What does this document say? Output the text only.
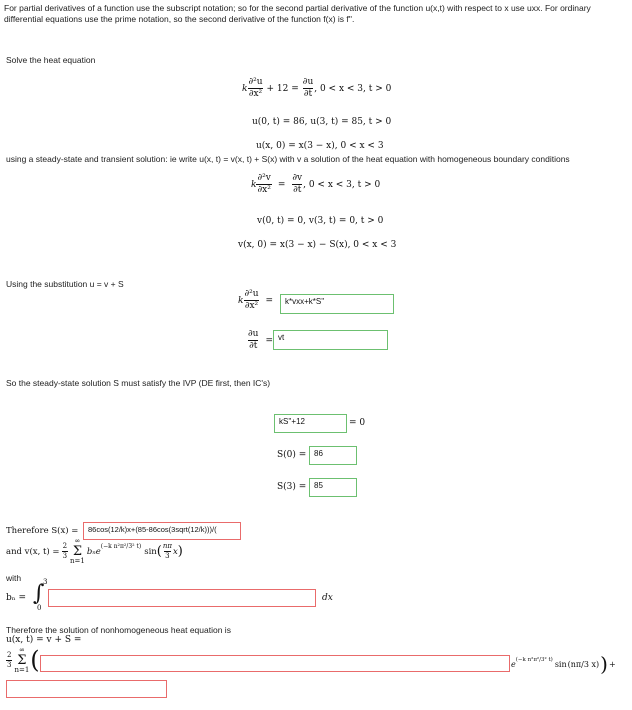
For partial derivatives of a function use the subscript notation; so for the second partial derivative of the function u(x,t) with respect to x use uxx. For ordinary
differential equations use the prime notation, so the second derivative of the function f(x) is f''.
Solve the heat equation
k $\frac{\text{∂²u}}{\text{∂x²}} + 12 = \frac{\partial u}{\partial t}$ , 0 < x < 3, t > 0
u(0, t) = 86, u(3, t) = 85, t > 0
u(x, 0) = x(3 − x), 0 < x < 3
using a steady-state and transient solution: ie write u(x, t) = v(x, t) + S(x) with v a solution of the heat equation with homogeneous boundary conditions
k $\frac{\text{∂²v}}{\text{∂x²}} = \frac{\partial v}{\partial t}$ , 0 < x < 3, t > 0
v(0, t) = 0, v(3, t) = 0, t > 0
v(x, 0) = x(3 − x) − S(x), 0 < x < 3
Using the substitution u = v + S
k $\frac{\text{∂²u}}{\text{∂x²}}$ =	k*vxx+k*S''
$\frac{\partial u}{\partial t}$ = vt
So the steady-state solution S must satisfy the IVP (DE first, then IC's)
kS''+12	= 0
S(0) = 86
S(3) = 85
Therefore S(x) =	86cos(12/k)x+(85-86cos(3sqrt(12/k)))/(
and v(x, $t) = \frac{2}{3}$
∞
Σ
n=1
bₙe$^{(-k n^2\pi^2/3^2 t)}$ sin ( $\frac{n\pi}{3}$ x )
with
bₙ =
3
∫
0
dx
Therefore the solution of nonhomogeneous heat equation is
u(x, t) = v + S =
$\frac{2}{3}$
∞
Σ
n=1 (	$e^{(-k n^2\pi^2/3^2 t)}$ sin (nπ/3 x) ) +
